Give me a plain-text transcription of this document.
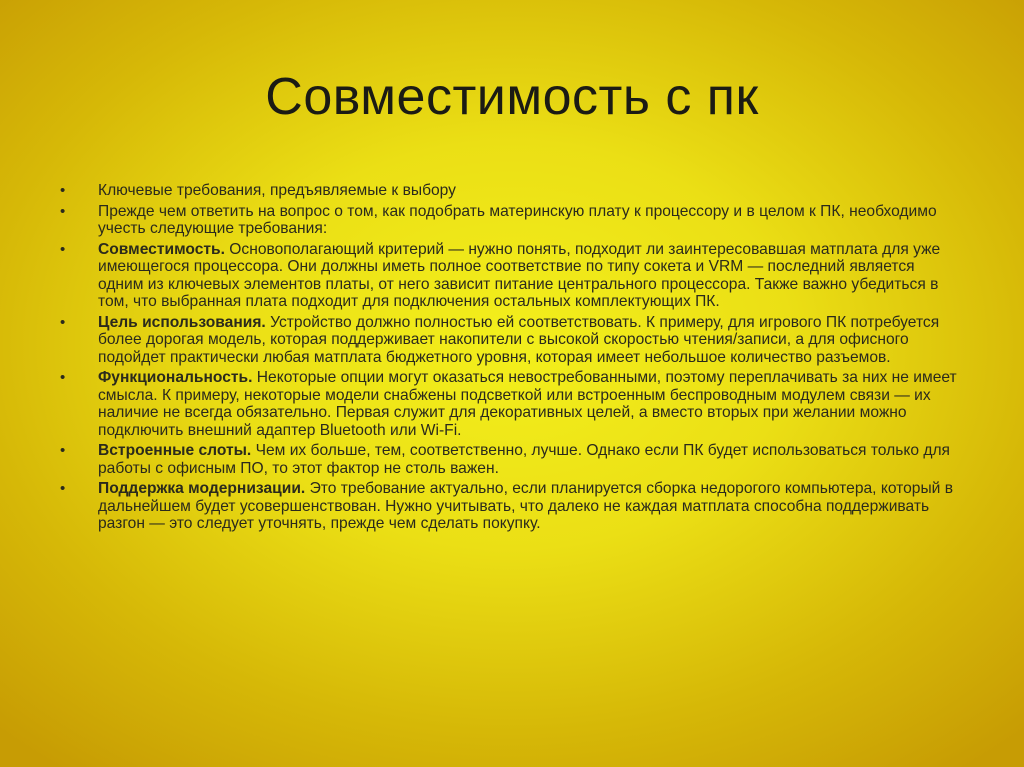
Совместимость с пк
• Ключевые требования, предъявляемые к выбору
• Прежде чем ответить на вопрос о том, как подобрать материнскую плату к процессору и в целом к ПК, необходимо учесть следующие требования:
• Совместимость. Основополагающий критерий — нужно понять, подходит ли заинтересовавшая матплата для уже имеющегося процессора. Они должны иметь полное соответствие по типу сокета и VRM — последний является одним из ключевых элементов платы, от него зависит питание центрального процессора. Также важно убедиться в том, что выбранная плата подходит для подключения остальных комплектующих ПК.
• Цель использования. Устройство должно полностью ей соответствовать. К примеру, для игрового ПК потребуется более дорогая модель, которая поддерживает накопители с высокой скоростью чтения/записи, а для офисного подойдет практически любая матплата бюджетного уровня, которая имеет небольшое количество разъемов.
• Функциональность. Некоторые опции могут оказаться невостребованными, поэтому переплачивать за них не имеет смысла. К примеру, некоторые модели снабжены подсветкой или встроенным беспроводным модулем связи — их наличие не всегда обязательно. Первая служит для декоративных целей, а вместо вторых при желании можно подключить внешний адаптер Bluetooth или Wi-Fi.
• Встроенные слоты. Чем их больше, тем, соответственно, лучше. Однако если ПК будет использоваться только для работы с офисным ПО, то этот фактор не столь важен.
• Поддержка модернизации. Это требование актуально, если планируется сборка недорогого компьютера, который в дальнейшем будет усовершенствован. Нужно учитывать, что далеко не каждая матплата способна поддерживать разгон — это следует уточнять, прежде чем сделать покупку.
